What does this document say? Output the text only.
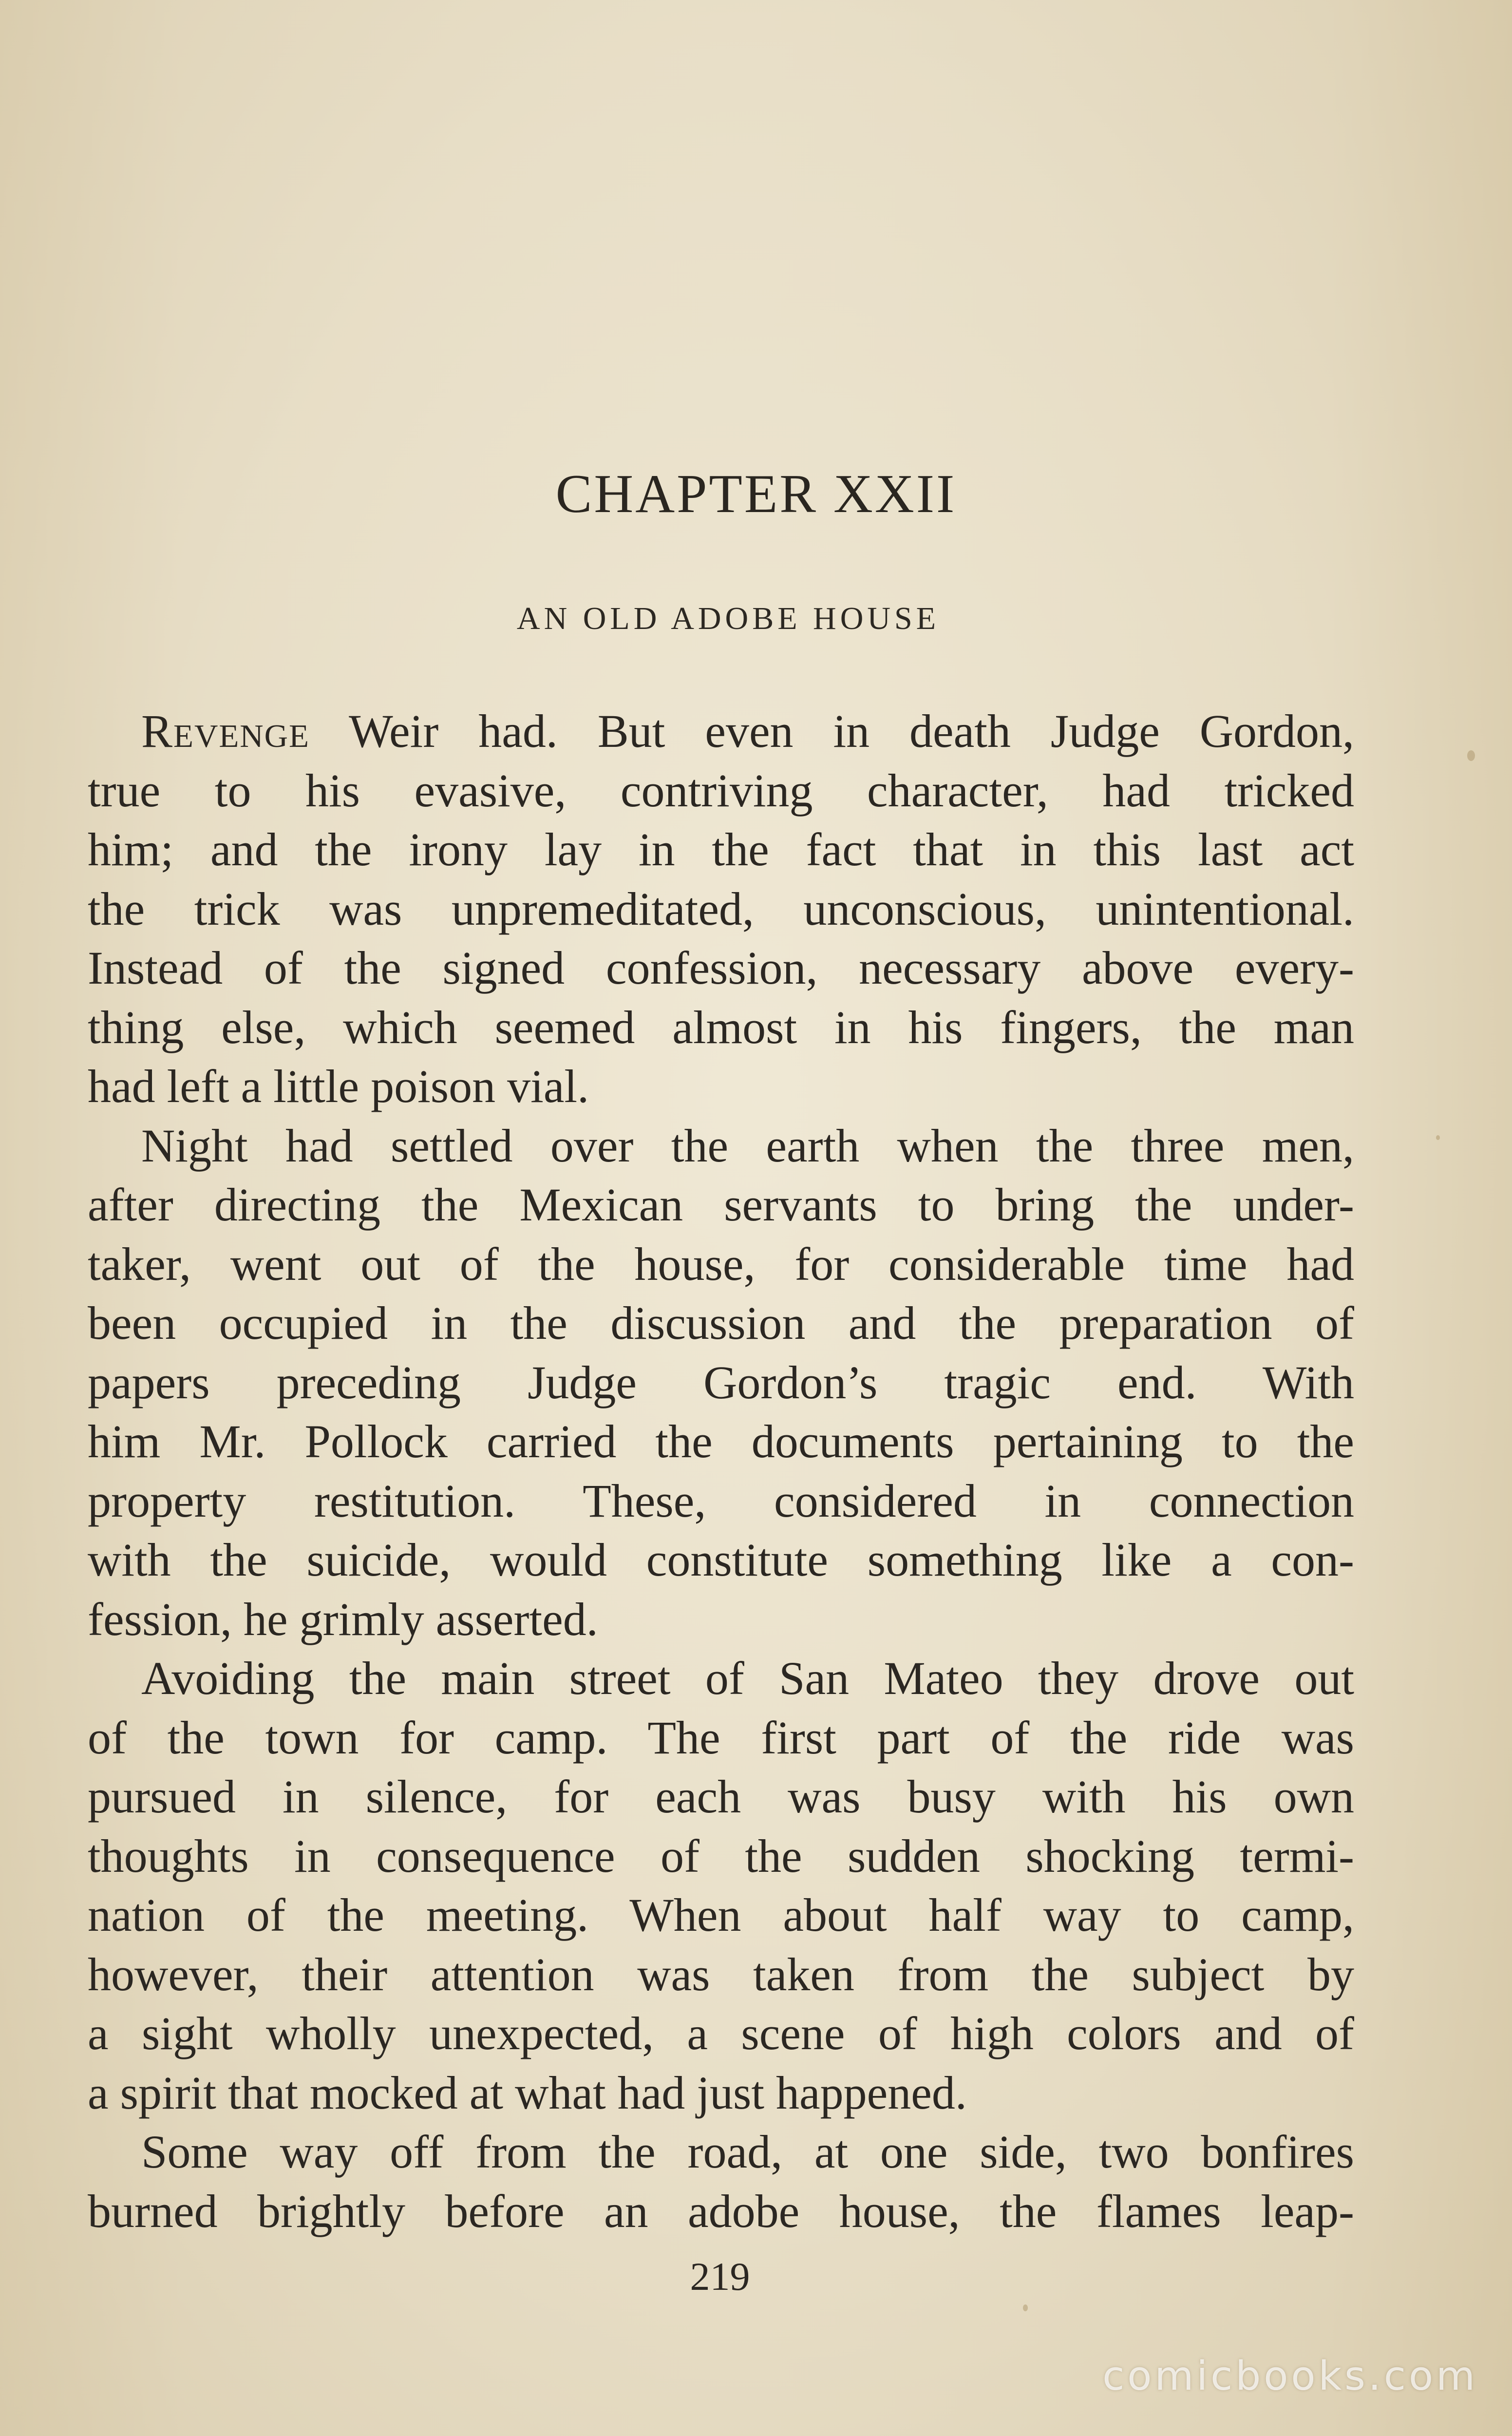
CHAPTER XXII
AN OLD ADOBE HOUSE
Revenge Weir had. But even in death Judge Gordon,
true to his evasive, contriving character, had tricked
him; and the irony lay in the fact that in this last act
the trick was unpremeditated, unconscious, unintentional.
Instead of the signed confession, necessary above every-
thing else, which seemed almost in his fingers, the man
had left a little poison vial.
Night had settled over the earth when the three men,
after directing the Mexican servants to bring the under-
taker, went out of the house, for considerable time had
been occupied in the discussion and the preparation of
papers preceding Judge Gordon’s tragic end. With
him Mr. Pollock carried the documents pertaining to the
property restitution. These, considered in connection
with the suicide, would constitute something like a con-
fession, he grimly asserted.
Avoiding the main street of San Mateo they drove out
of the town for camp. The first part of the ride was
pursued in silence, for each was busy with his own
thoughts in consequence of the sudden shocking termi-
nation of the meeting. When about half way to camp,
however, their attention was taken from the subject by
a sight wholly unexpected, a scene of high colors and of
a spirit that mocked at what had just happened.
Some way off from the road, at one side, two bonfires
burned brightly before an adobe house, the flames leap-

219

comicbooks.com
